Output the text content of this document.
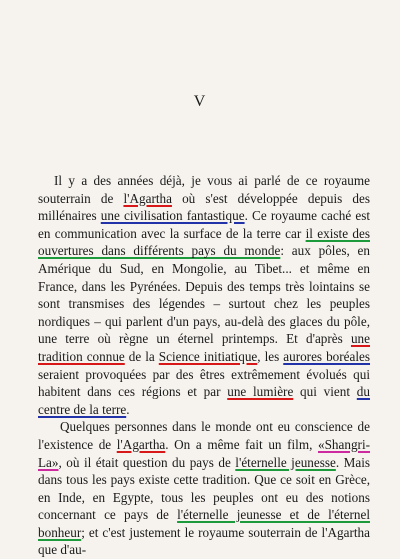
V

Il y a des années déjà, je vous ai parlé de ce royaume souterrain de l'Agartha où s'est développée depuis des millénaires une civilisation fantastique. Ce royaume caché est en communication avec la surface de la terre car il existe des ouvertures dans différents pays du monde: aux pôles, en Amérique du Sud, en Mongolie, au Tibet... et même en France, dans les Pyrénées. Depuis des temps très lointains se sont transmises des légendes – surtout chez les peuples nordiques – qui parlent d'un pays, au-delà des glaces du pôle, une terre où règne un éternel printemps. Et d'après une tradition connue de la Science initiatique, les aurores boréales seraient provoquées par des êtres extrêmement évolués qui habitent dans ces régions et par une lumière qui vient du centre de la terre.

Quelques personnes dans le monde ont eu conscience de l'existence de l'Agartha. On a même fait un film, «Shangri-La», où il était question du pays de l'éternelle jeunesse. Mais dans tous les pays existe cette tradition. Que ce soit en Grèce, en Inde, en Egypte, tous les peuples ont eu des notions concernant ce pays de l'éternelle jeunesse et de l'éternel bonheur; et c'est justement le royaume souterrain de l'Agartha que d'au-
